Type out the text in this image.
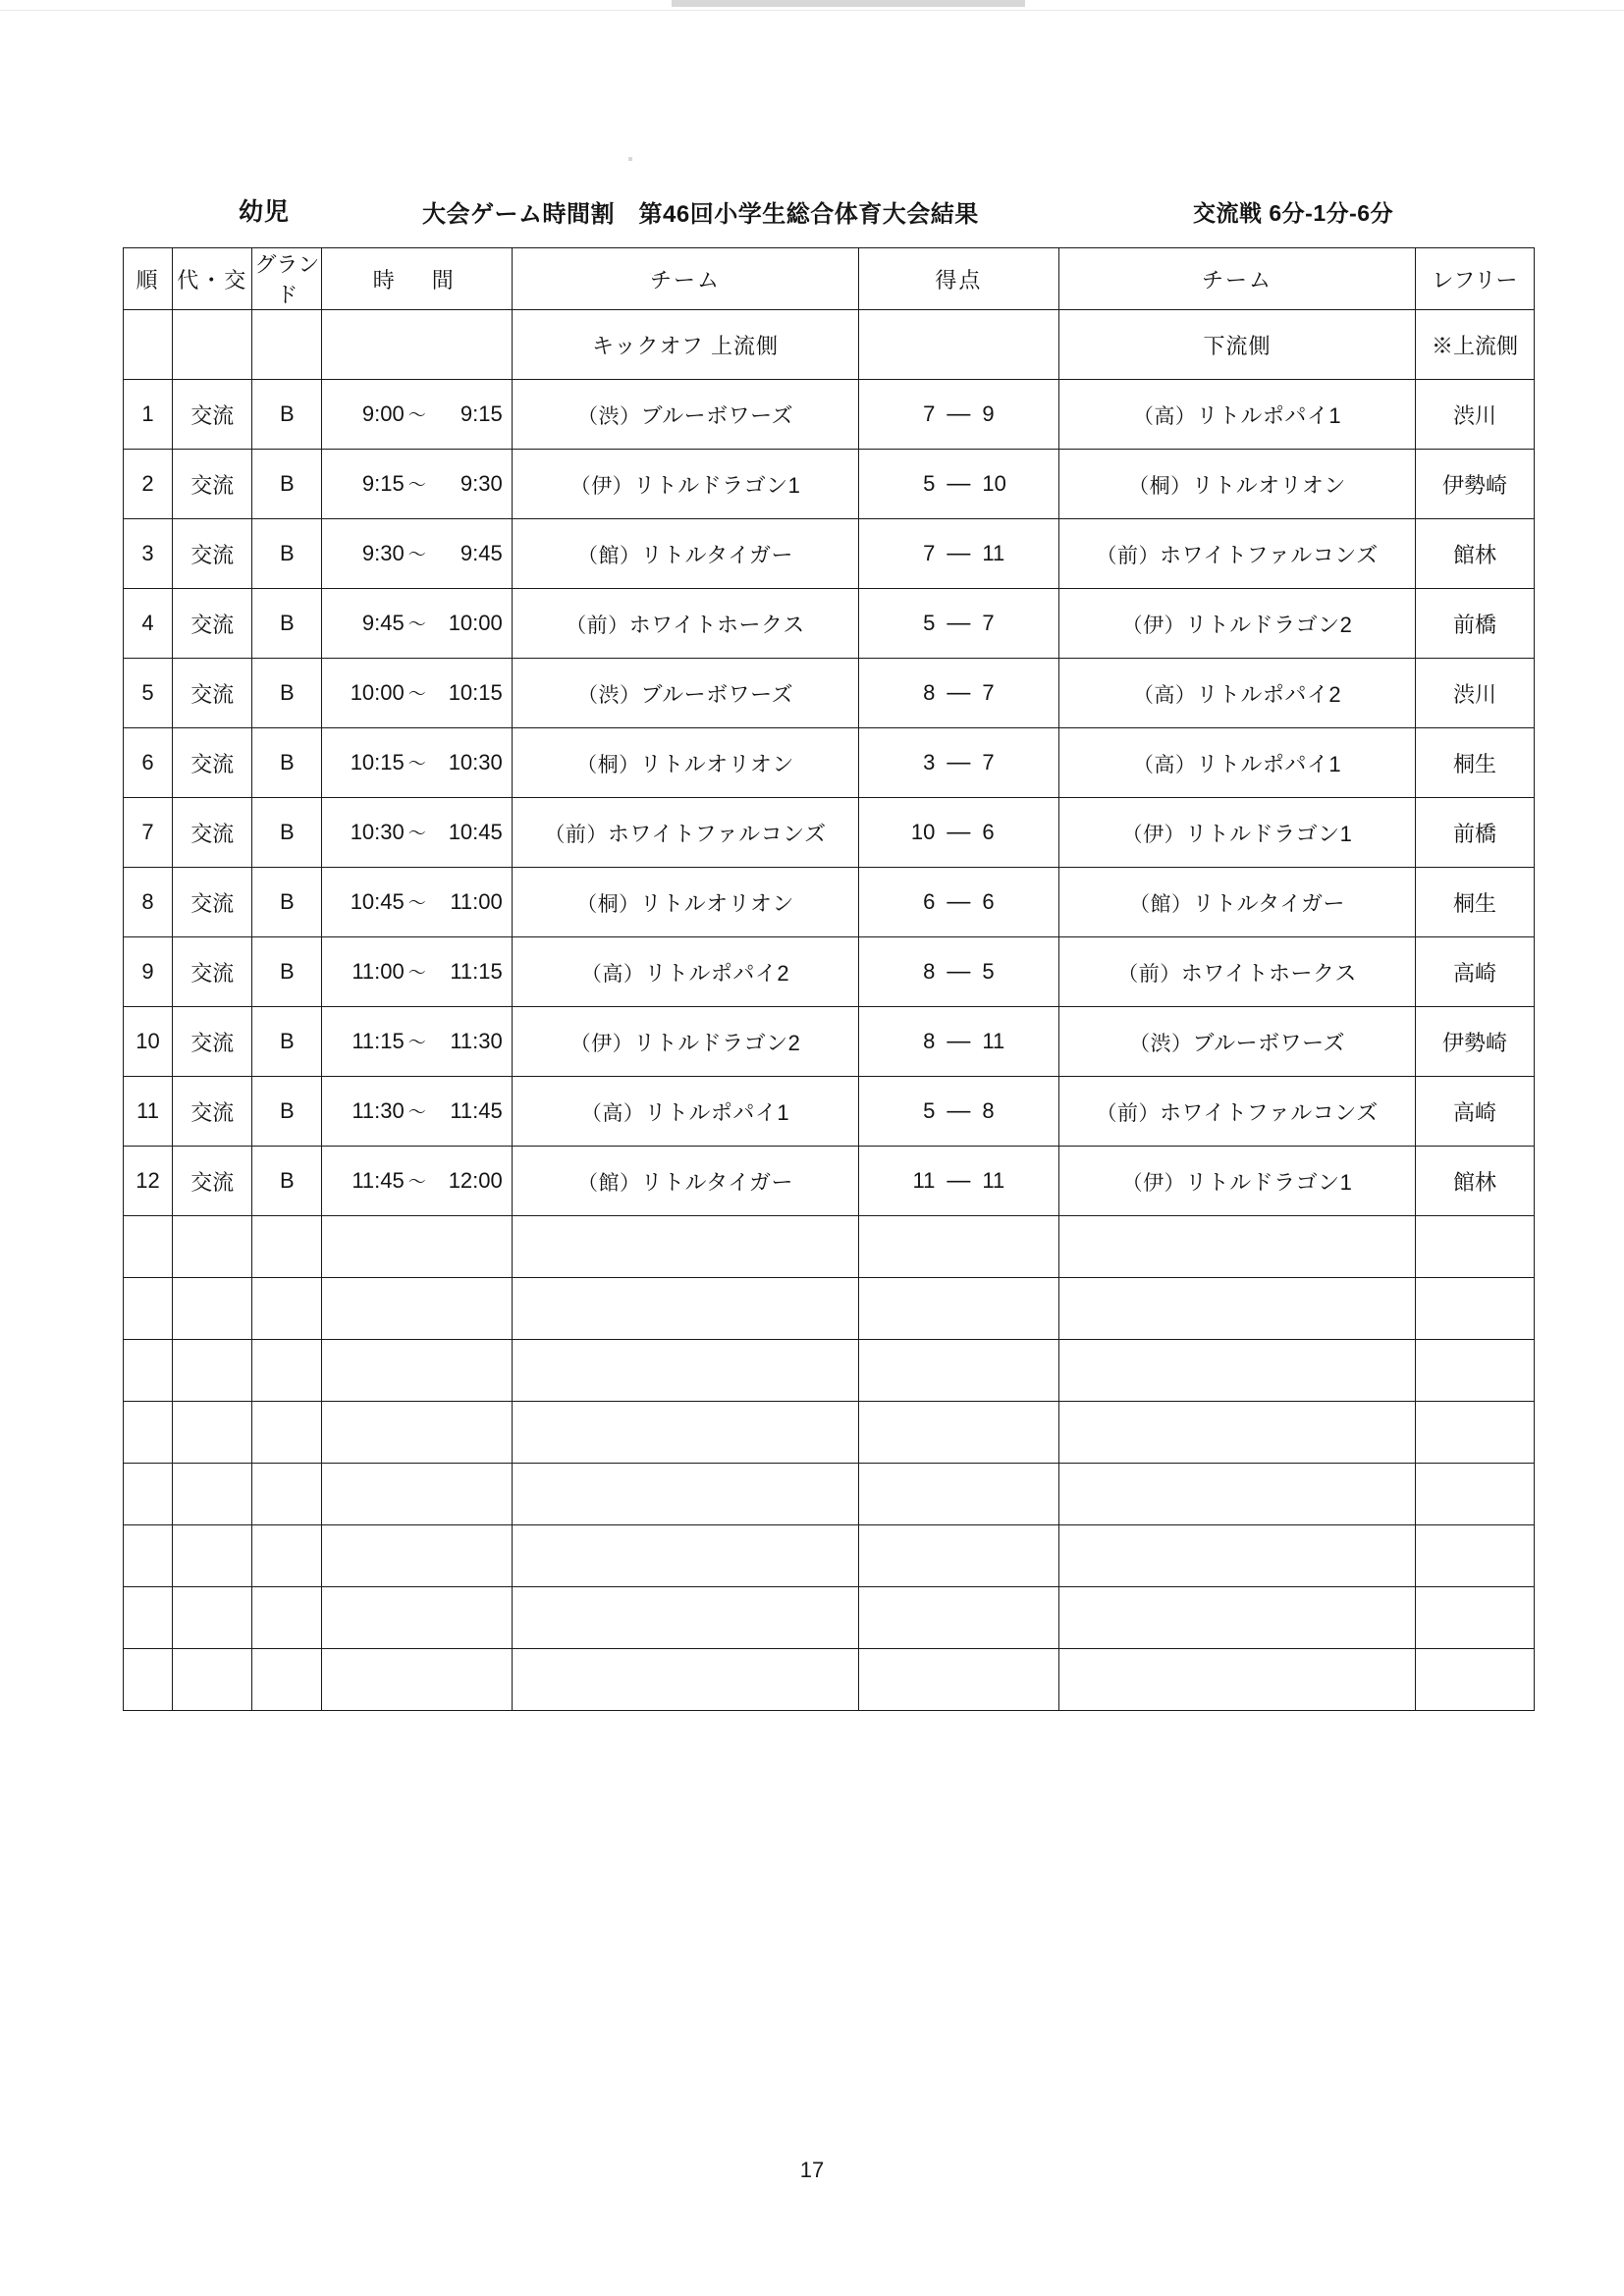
幼児	大会ゲーム時間割　第46回小学生総合体育大会結果	交流戦 6分-1分-6分
順	代・交	グランド	時　間	チーム	得点	チーム	レフリー
				キックオフ 上流側		下流側	※上流側
1	交流	B	9:00 ～ 9:15	（渋）ブルーボワーズ	7 — 9	（高）リトルポパイ1	渋川
2	交流	B	9:15 ～ 9:30	（伊）リトルドラゴン1	5 — 10	（桐）リトルオリオン	伊勢崎
3	交流	B	9:30 ～ 9:45	（館）リトルタイガー	7 — 11	（前）ホワイトファルコンズ	館林
4	交流	B	9:45 ～ 10:00	（前）ホワイトホークス	5 — 7	（伊）リトルドラゴン2	前橋
5	交流	B	10:00 ～ 10:15	（渋）ブルーボワーズ	8 — 7	（高）リトルポパイ2	渋川
6	交流	B	10:15 ～ 10:30	（桐）リトルオリオン	3 — 7	（高）リトルポパイ1	桐生
7	交流	B	10:30 ～ 10:45	（前）ホワイトファルコンズ	10 — 6	（伊）リトルドラゴン1	前橋
8	交流	B	10:45 ～ 11:00	（桐）リトルオリオン	6 — 6	（館）リトルタイガー	桐生
9	交流	B	11:00 ～ 11:15	（高）リトルポパイ2	8 — 5	（前）ホワイトホークス	高崎
10	交流	B	11:15 ～ 11:30	（伊）リトルドラゴン2	8 — 11	（渋）ブルーボワーズ	伊勢崎
11	交流	B	11:30 ～ 11:45	（高）リトルポパイ1	5 — 8	（前）ホワイトファルコンズ	高崎
12	交流	B	11:45 ～ 12:00	（館）リトルタイガー	11 — 11	（伊）リトルドラゴン1	館林

17
